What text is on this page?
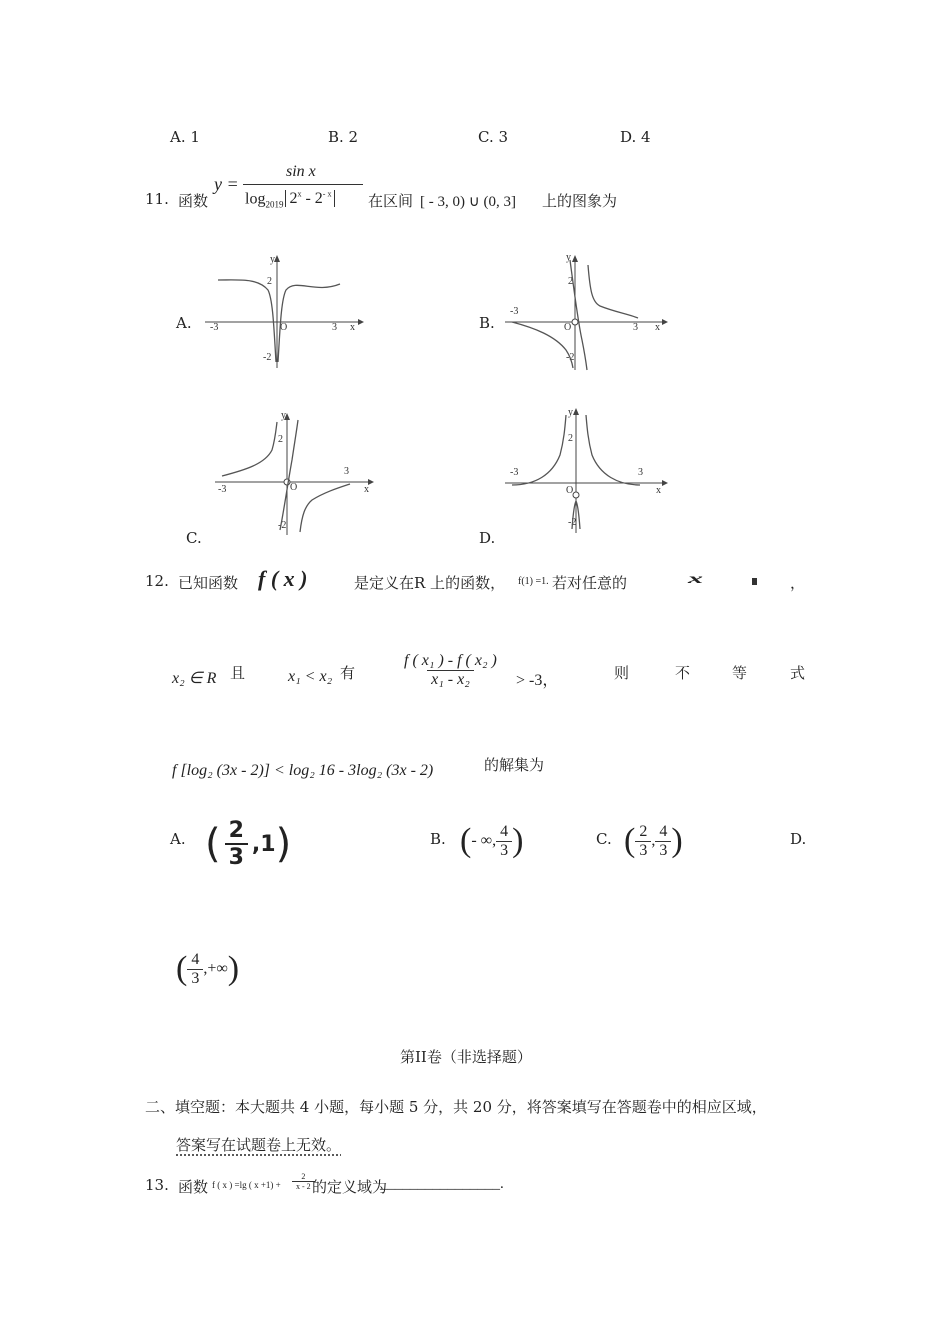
A. 1	B. 2	C. 3	D. 4
11. 函数
y =
sin x
$\log_{2019} 2^x - 2^{- x}$ 在区间 [ - 3, 0) ∪ (0, 3] 上的图象为
A.	B.
C.	D.
y
x
O
2
-2
-3	3
y
x
O
2
-2
-3
3
y
x
O
2
-2
-3
3
y
x
O
2
-2
-3	3
12. 已知函数 f ( x )	是定义在R 上的函数， f(1) =1. 若对任意的 x	，
x₂ ∈ R 且	x₁ < x₂ 有	$\frac{\text{f ( x₁ ) - f ( x₂ )}}{\text{x₁ - x₂}} > -3$，	则	不	等	式
f [log₂ (3x - 2)] < log₂ 16 - 3log₂ (3x - 2)	的解集为
A. ( $\frac{2}{3} ,1$ )	B. ( - ∞, $\frac{4}{3}$ )	C. ( $\frac{2}{3}$ , $\frac{4}{3}$ )	D.
( $\frac{4}{3}$ ,+∞ )
第II卷（非选择题）
二、填空题：本大题共 4 小题，每小题 5 分，共 20 分，将答案填写在答题卷中的相应区域，
答案写在试题卷上无效。
13. 函数 f ( x ) =lg ( $x +1) + \frac{2}{x - 2}$
的定义域为
________________.
